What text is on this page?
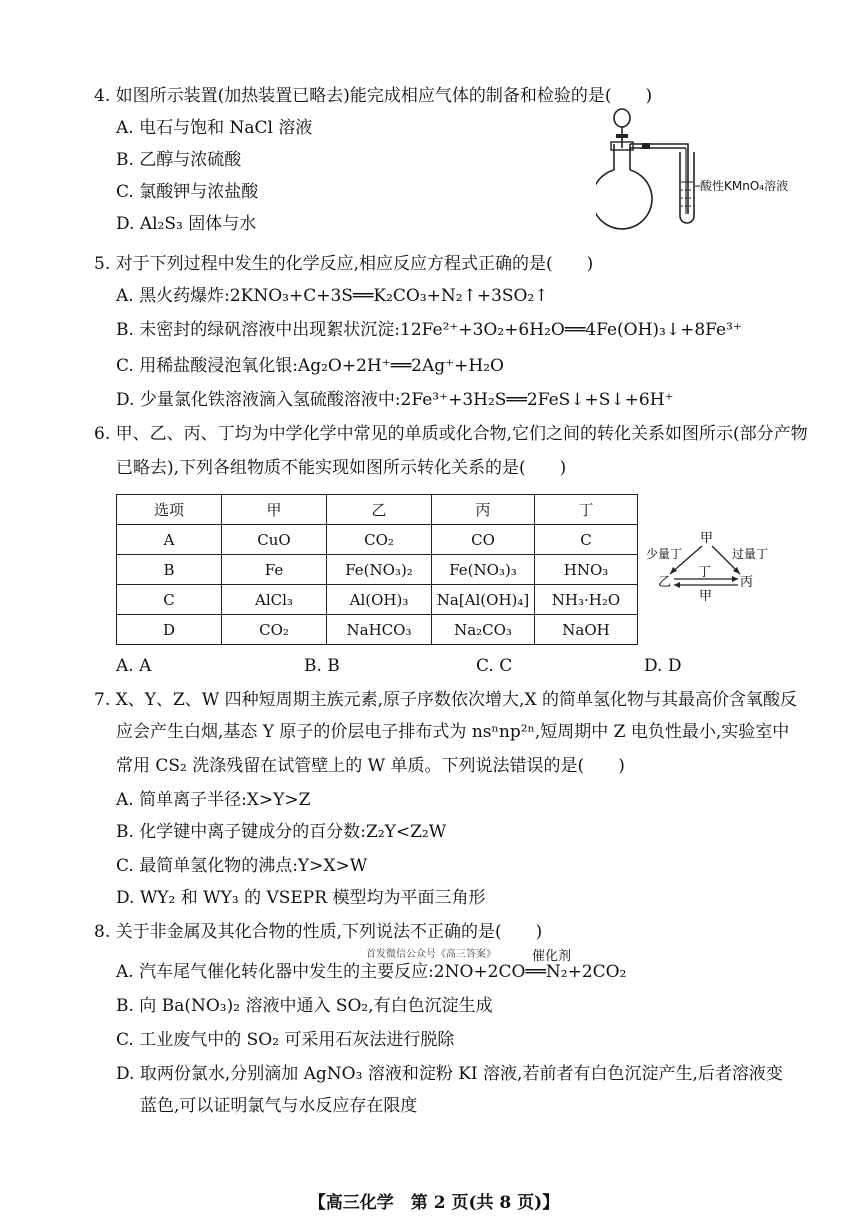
4. 如图所示装置(加热装置已略去)能完成相应气体的制备和检验的是(　　)
A. 电石与饱和 NaCl 溶液
B. 乙醇与浓硫酸
C. 氯酸钾与浓盐酸
D. Al₂S₃ 固体与水
酸性KMnO₄溶液
5. 对于下列过程中发生的化学反应,相应反应方程式正确的是(　　)
A. 黑火药爆炸:2KNO₃+C+3S══K₂CO₃+N₂↑+3SO₂↑
B. 未密封的绿矾溶液中出现絮状沉淀:12Fe²⁺+3O₂+6H₂O══4Fe(OH)₃↓+8Fe³⁺
C. 用稀盐酸浸泡氧化银:Ag₂O+2H⁺══2Ag⁺+H₂O
D. 少量氯化铁溶液滴入氢硫酸溶液中:2Fe³⁺+3H₂S══2FeS↓+S↓+6H⁺
6. 甲、乙、丙、丁均为中学化学中常见的单质或化合物,它们之间的转化关系如图所示(部分产物
已略去),下列各组物质不能实现如图所示转化关系的是(　　)
选项	甲	乙	丙	丁
A	CuO	CO₂	CO	C
B	Fe	Fe(NO₃)₂	Fe(NO₃)₃	HNO₃
C	AlCl₃	Al(OH)₃	Na[Al(OH)₄]	NH₃·H₂O
D	CO₂	NaHCO₃	Na₂CO₃	NaOH
甲
少量丁	过量丁
丁
乙	丙
甲
A. A	B. B	C. C	D. D
7. X、Y、Z、W 四种短周期主族元素,原子序数依次增大,X 的简单氢化物与其最高价含氧酸反
应会产生白烟,基态 Y 原子的价层电子排布式为 nsⁿnp²ⁿ,短周期中 Z 电负性最小,实验室中
常用 CS₂ 洗涤残留在试管壁上的 W 单质。下列说法错误的是(　　)
A. 简单离子半径:X>Y>Z
B. 化学键中离子键成分的百分数:Z₂Y<Z₂W
C. 最简单氢化物的沸点:Y>X>W
D. WY₂ 和 WY₃ 的 VSEPR 模型均为平面三角形
8. 关于非金属及其化合物的性质,下列说法不正确的是(　　)
首发微信公众号《高三答案》	催化剂
A. 汽车尾气催化转化器中发生的主要反应:2NO+2CO══N₂+2CO₂
B. 向 Ba(NO₃)₂ 溶液中通入 SO₂,有白色沉淀生成
C. 工业废气中的 SO₂ 可采用石灰法进行脱除
D. 取两份氯水,分别滴加 AgNO₃ 溶液和淀粉 KI 溶液,若前者有白色沉淀产生,后者溶液变
蓝色,可以证明氯气与水反应存在限度
【高三化学　第 2 页(共 8 页)】
